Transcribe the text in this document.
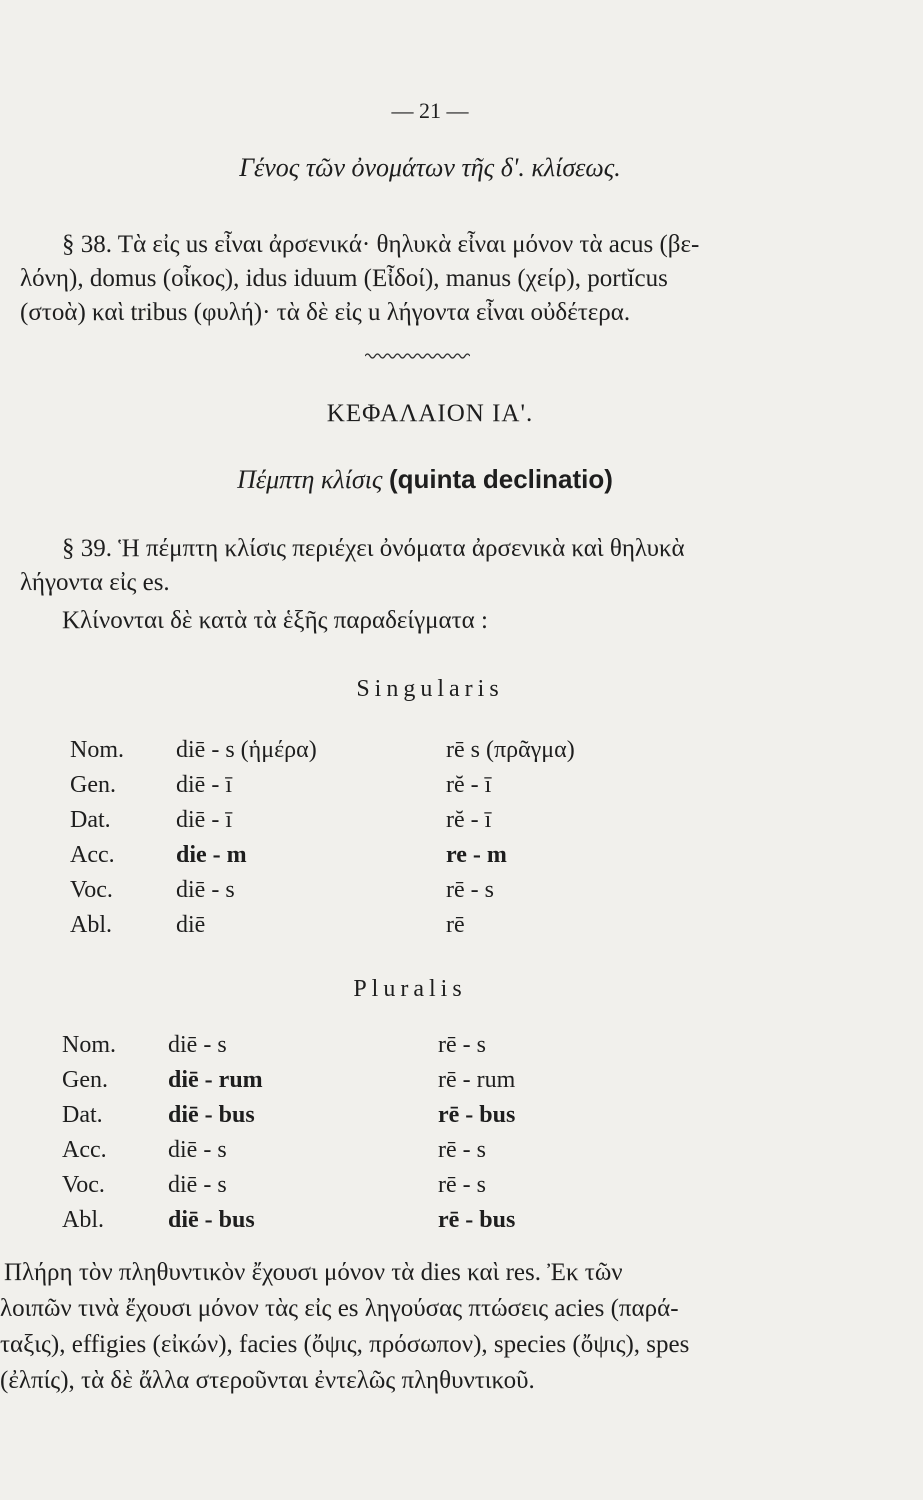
— 21 —
Γένος τῶν ὀνομάτων τῆς δ'. κλίσεως.
§ 38. Τὰ εἰς us εἶναι ἀρσενικά· θηλυκὰ εἶναι μόνον τὰ acus (βε-
λόνη), domus (οἶκος), idus iduum (Εἶδοί), manus (χείρ), portĭcus
(στοὰ) καὶ tribus (φυλή)· τὰ δὲ εἰς u λήγοντα εἶναι οὐδέτερα.
ΚΕΦΑΛΑΙΟΝ ΙΑ'.
Πέμπτη κλίσις (quinta declinatio)
§ 39. Ἡ πέμπτη κλίσις περιέχει ὀνόματα ἀρσενικὰ καὶ θηλυκὰ
λήγοντα εἰς es.
Κλίνονται δὲ κατὰ τὰ ἑξῆς παραδείγματα :
Singularis
Nom. diē - s (ἡμέρα)	rē s (πρᾶγμα)
Gen.	diē - ī	rĕ - ī
Dat.	diē - ī	rĕ - ī
Acc.	die - m	re - m
Voc.	diē - s	rē - s
Abl.	diē	rē
Pluralis
Nom. diē - s	rē - s
Gen.	diē - rum	rē - rum
Dat.	diē - bus	rē - bus
Acc.	diē - s	rē - s
Voc.	diē - s	rē - s
Abl.	diē - bus	rē - bus
Πλήρη τὸν πληθυντικὸν ἔχουσι μόνον τὰ dies καὶ res. Ἐκ τῶν
λοιπῶν τινὰ ἔχουσι μόνον τὰς εἰς es ληγούσας πτώσεις acies (παρά-
ταξις), effigies (εἰκών), facies (ὄψις, πρόσωπον), species (ὄψις), spes
(ἐλπίς), τὰ δὲ ἄλλα στεροῦνται ἐντελῶς πληθυντικοῦ.
